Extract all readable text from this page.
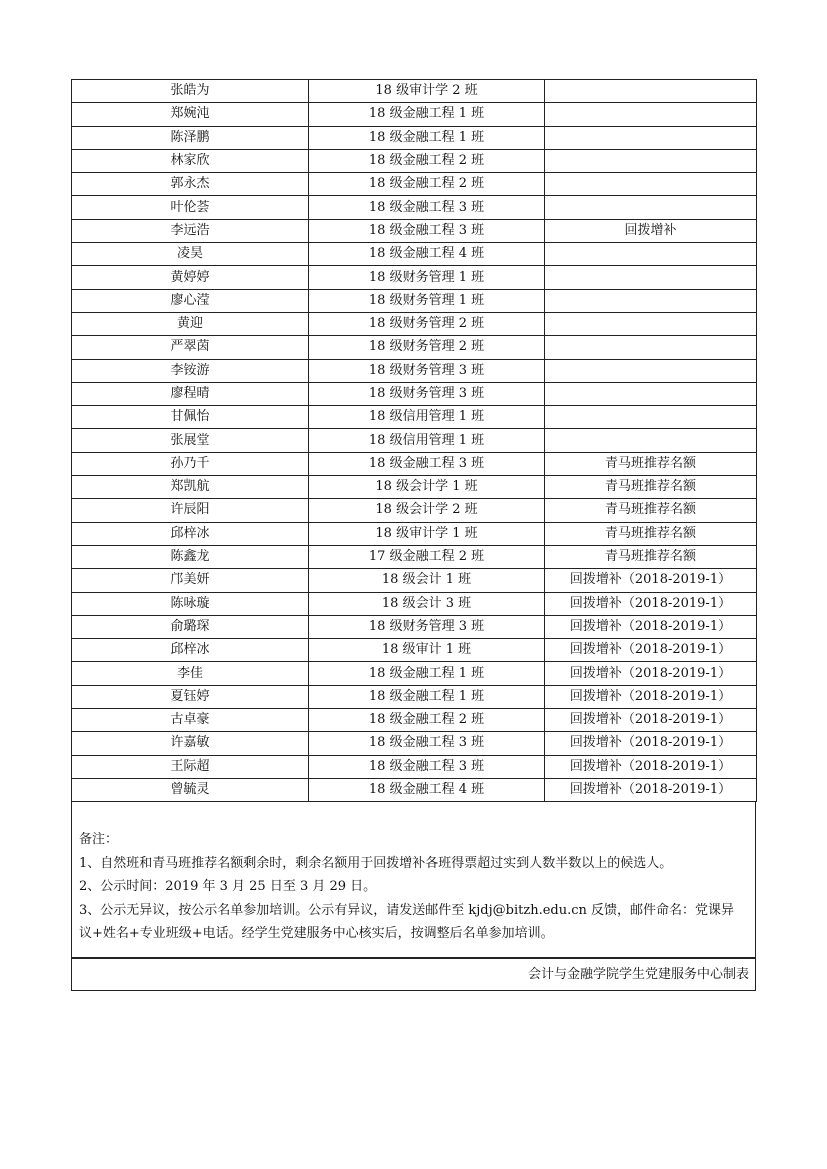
张皓为	18 级审计学 2 班	
郑婉沌	18 级金融工程 1 班	
陈泽鹏	18 级金融工程 1 班	
林家欣	18 级金融工程 2 班	
郭永杰	18 级金融工程 2 班	
叶伦荟	18 级金融工程 3 班	
李远浩	18 级金融工程 3 班	回拨增补
凌昊	18 级金融工程 4 班	
黄婷婷	18 级财务管理 1 班	
廖心滢	18 级财务管理 1 班	
黄迎	18 级财务管理 2 班	
严翠茵	18 级财务管理 2 班	
李铵游	18 级财务管理 3 班	
廖程晴	18 级财务管理 3 班	
甘佩怡	18 级信用管理 1 班	
张展堂	18 级信用管理 1 班	
孙乃千	18 级金融工程 3 班	青马班推荐名额
郑凯航	18 级会计学 1 班	青马班推荐名额
许辰阳	18 级会计学 2 班	青马班推荐名额
邱梓冰	18 级审计学 1 班	青马班推荐名额
陈鑫龙	17 级金融工程 2 班	青马班推荐名额
邝美妍	18 级会计 1 班	回拨增补（2018-2019-1）
陈咏璇	18 级会计 3 班	回拨增补（2018-2019-1）
俞璐琛	18 级财务管理 3 班	回拨增补（2018-2019-1）
邱梓冰	18 级审计 1 班	回拨增补（2018-2019-1）
李佳	18 级金融工程 1 班	回拨增补（2018-2019-1）
夏钰婷	18 级金融工程 1 班	回拨增补（2018-2019-1）
古卓豪	18 级金融工程 2 班	回拨增补（2018-2019-1）
许嘉敏	18 级金融工程 3 班	回拨增补（2018-2019-1）
王际超	18 级金融工程 3 班	回拨增补（2018-2019-1）
曾毓灵	18 级金融工程 4 班	回拨增补（2018-2019-1）

备注：

1、自然班和青马班推荐名额剩余时，剩余名额用于回拨增补各班得票超过实到人数半数以上的候选人。

2、公示时间：2019 年 3 月 25 日至 3 月 29 日。

3、公示无异议，按公示名单参加培训。公示有异议，请发送邮件至 kjdj@bitzh.edu.cn 反馈，邮件命名：党课异议+姓名+专业班级+电话。经学生党建服务中心核实后，按调整后名单参加培训。

会计与金融学院学生党建服务中心制表
